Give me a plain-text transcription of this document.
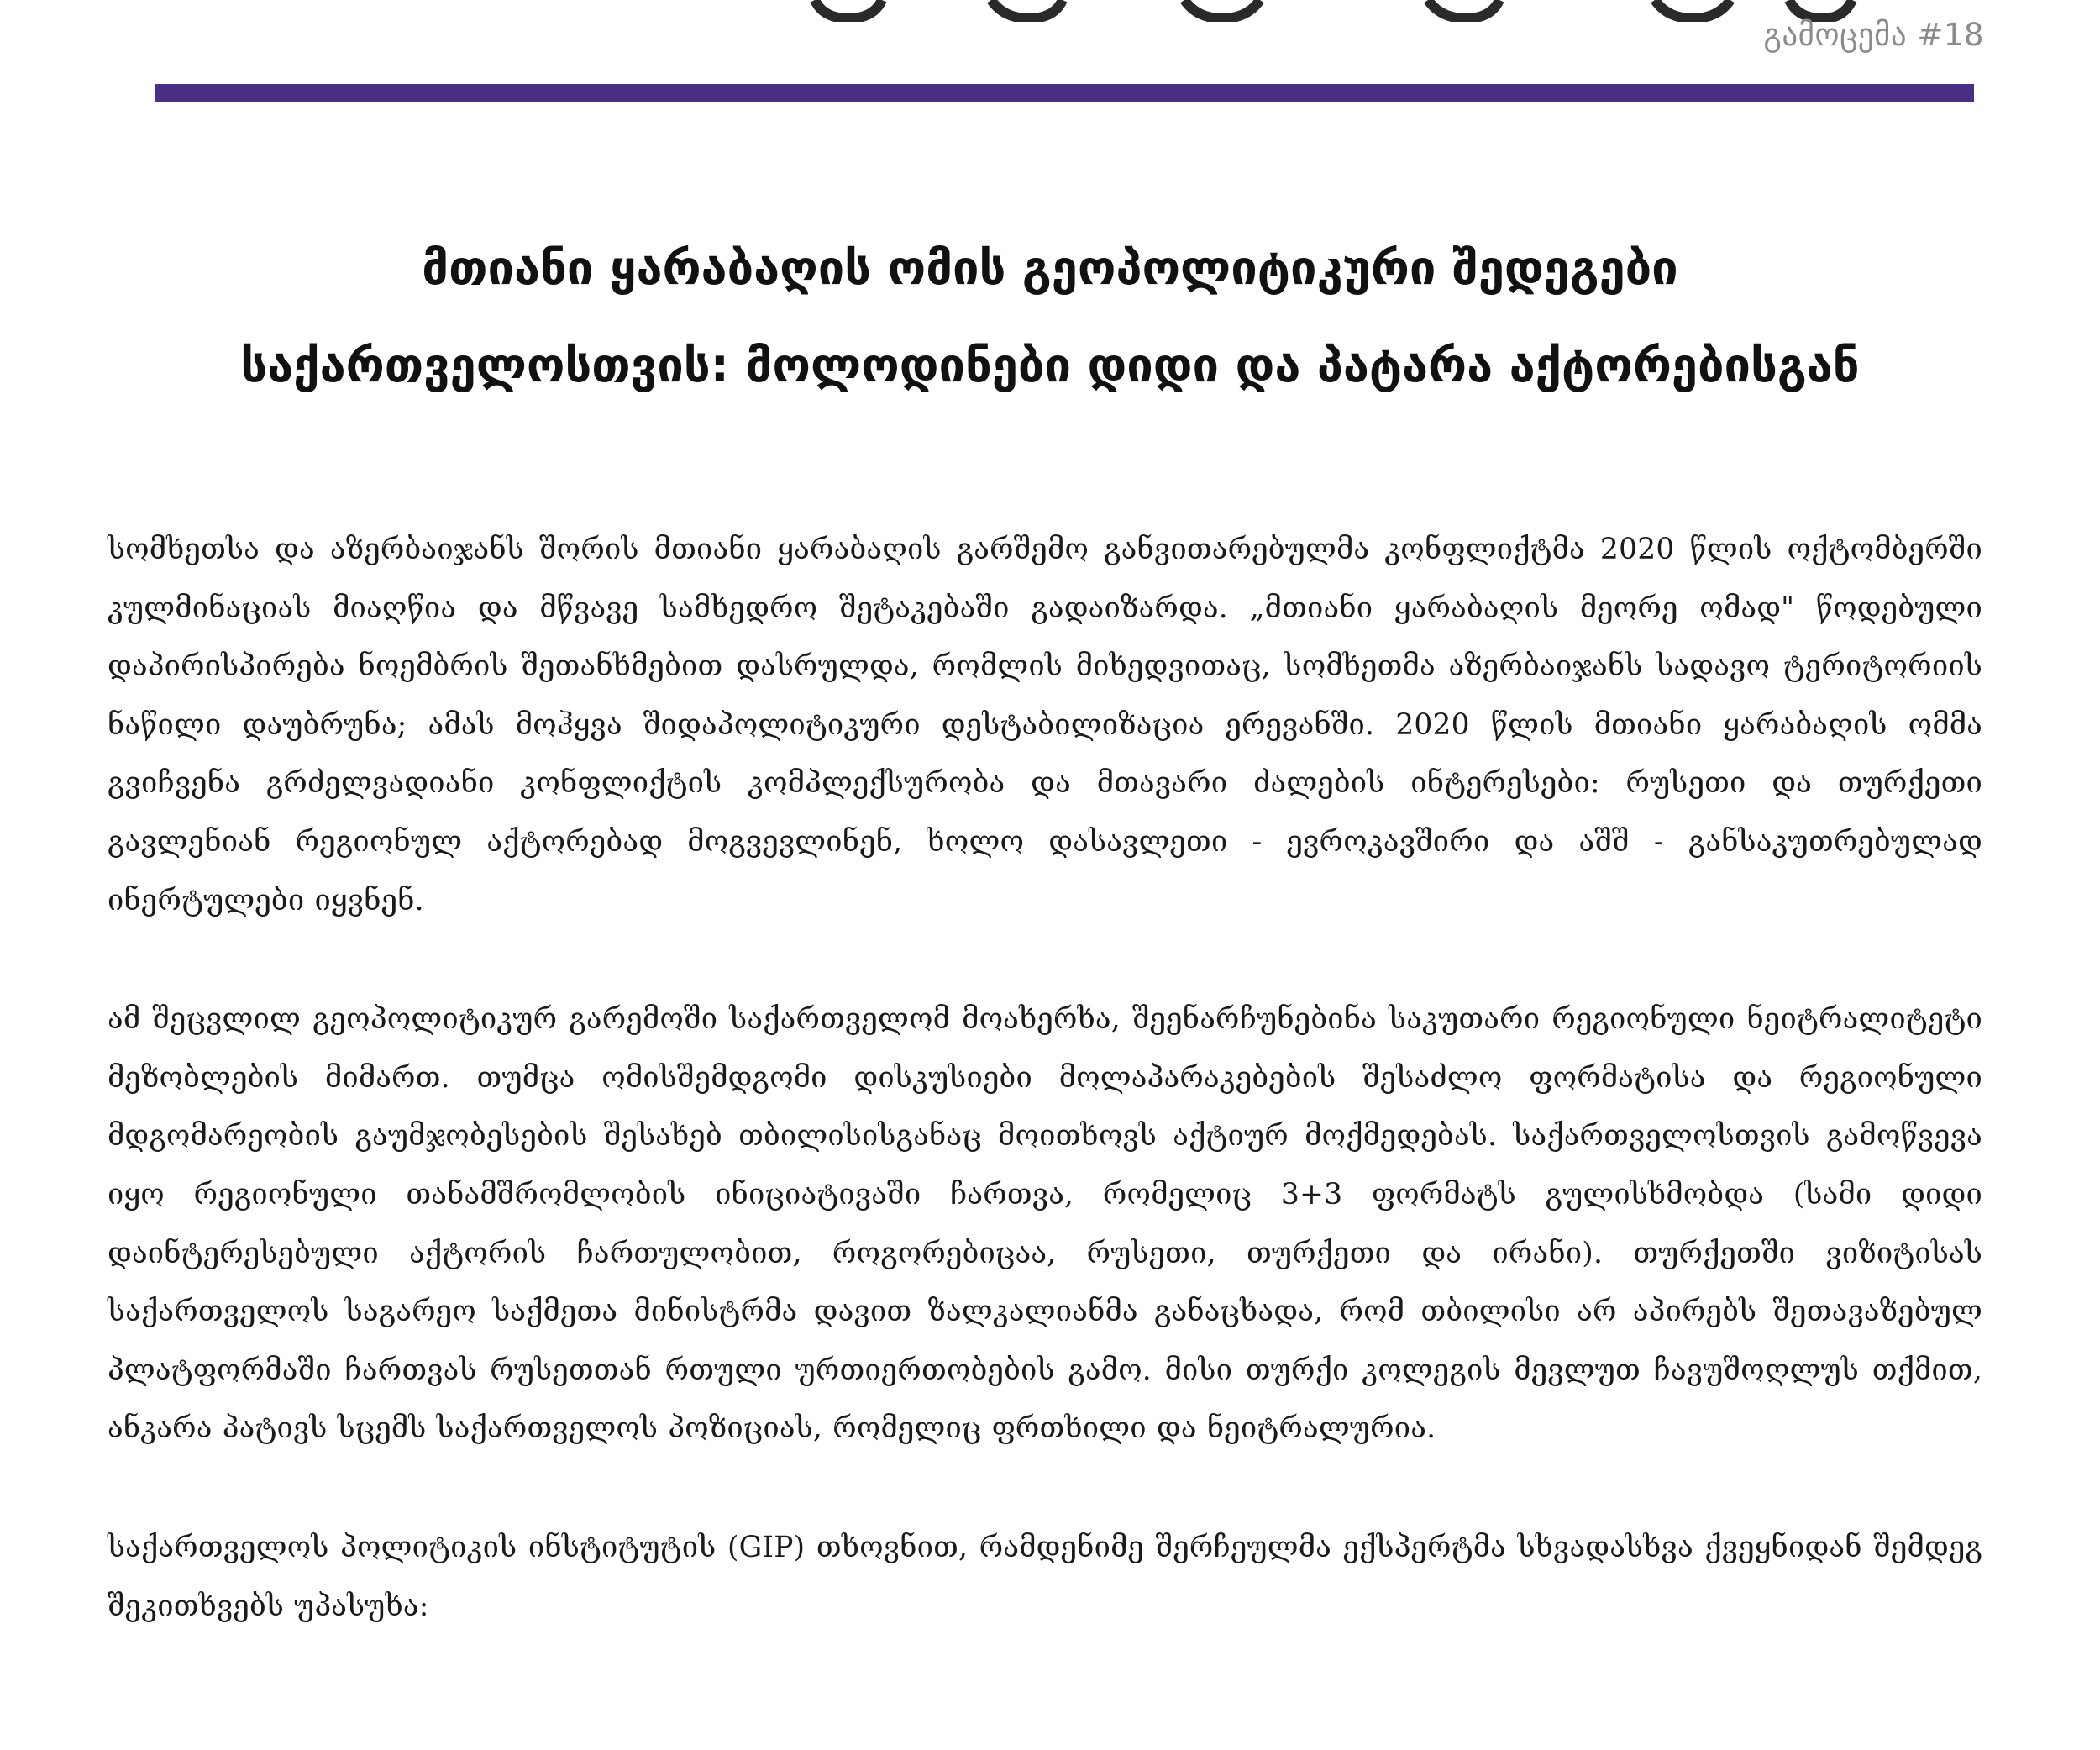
გამოცემა #18
მთიანი ყარაბაღის ომის გეოპოლიტიკური შედეგები
საქართველოსთვის: მოლოდინები დიდი და პატარა აქტორებისგან

სომხეთსა და აზერბაიჯანს შორის მთიანი ყარაბაღის გარშემო განვითარებულმა კონფლიქტმა 2020 წლის ოქტომბერში კულმინაციას მიაღწია და მწვავე სამხედრო შეტაკებაში გადაიზარდა. „მთიანი ყარაბაღის მეორე ომად" წოდებული დაპირისპირება ნოემბრის შეთანხმებით დასრულდა, რომლის მიხედვითაც, სომხეთმა აზერბაიჯანს სადავო ტერიტორიის ნაწილი დაუბრუნა; ამას მოჰყვა შიდაპოლიტიკური დესტაბილიზაცია ერევანში. 2020 წლის მთიანი ყარაბაღის ომმა გვიჩვენა გრძელვადიანი კონფლიქტის კომპლექსურობა და მთავარი ძალების ინტერესები: რუსეთი და თურქეთი გავლენიან რეგიონულ აქტორებად მოგვევლინენ, ხოლო დასავლეთი - ევროკავშირი და აშშ - განსაკუთრებულად ინერტულები იყვნენ.

ამ შეცვლილ გეოპოლიტიკურ გარემოში საქართველომ მოახერხა, შეენარჩუნებინა საკუთარი რეგიონული ნეიტრალიტეტი მეზობლების მიმართ. თუმცა ომისშემდგომი დისკუსიები მოლაპარაკებების შესაძლო ფორმატისა და რეგიონული მდგომარეობის გაუმჯობესების შესახებ თბილისისგანაც მოითხოვს აქტიურ მოქმედებას. საქართველოსთვის გამოწვევა იყო რეგიონული თანამშრომლობის ინიციატივაში ჩართვა, რომელიც 3+3 ფორმატს გულისხმობდა (სამი დიდი დაინტერესებული აქტორის ჩართულობით, როგორებიცაა, რუსეთი, თურქეთი და ირანი). თურქეთში ვიზიტისას საქართველოს საგარეო საქმეთა მინისტრმა დავით ზალკალიანმა განაცხადა, რომ თბილისი არ აპირებს შეთავაზებულ პლატფორმაში ჩართვას რუსეთთან რთული ურთიერთობების გამო. მისი თურქი კოლეგის მევლუთ ჩავუშოღლუს თქმით, ანკარა პატივს სცემს საქართველოს პოზიციას, რომელიც ფრთხილი და ნეიტრალურია.

საქართველოს პოლიტიკის ინსტიტუტის (GIP) თხოვნით, რამდენიმე შერჩეულმა ექსპერტმა სხვადასხვა ქვეყნიდან შემდეგ შეკითხვებს უპასუხა:
